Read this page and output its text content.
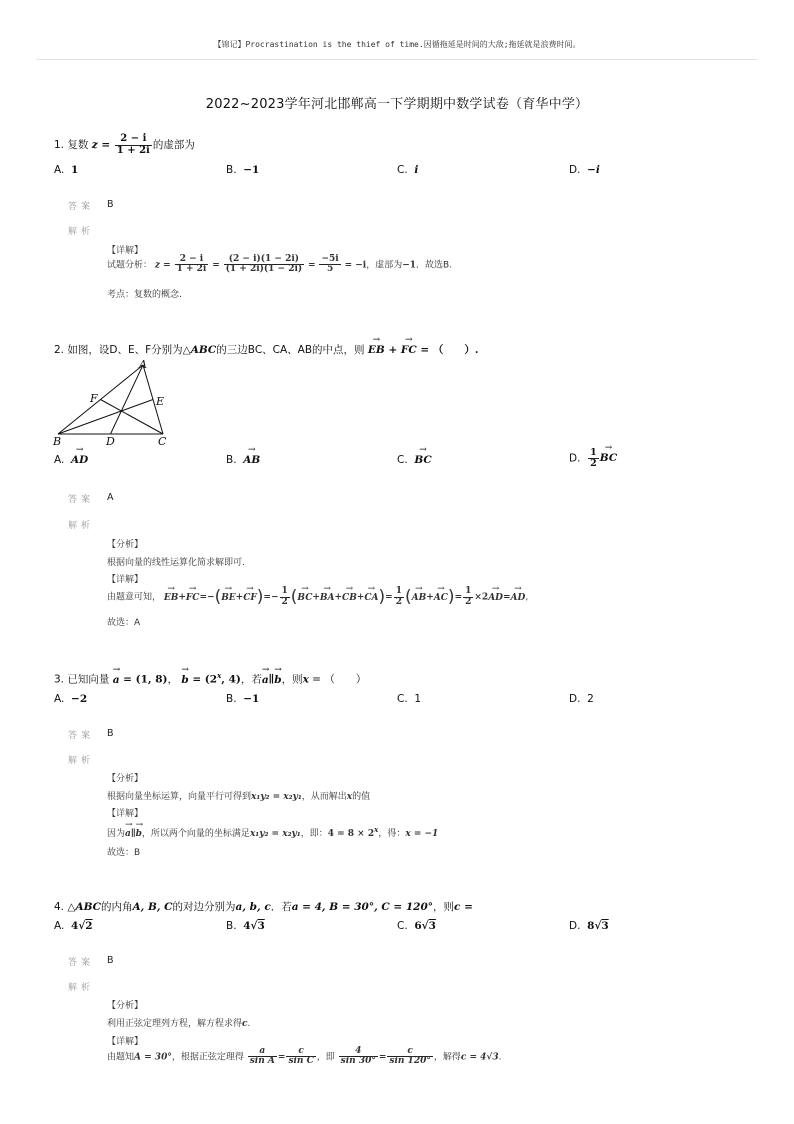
【锦记】Procrastination is the thief of time.因循拖延是时间的大敌;拖延就是浪费时间。
2022~2023学年河北邯郸高一下学期期中数学试卷（育华中学）
1. 复数 $z = \frac{2 - i}{1 + 2i}$ 的虚部为
A. 1	B. −1	C. i	D. −i
答案 B
解析
【详解】
试题分析： $z = \frac{2 - i}{1 + 2i} = \frac{(2 - i)(1 - 2i)}{(1 + 2i)(1 - 2i)} = \frac{-5i}{5} = -i$，虚部为−1．故选B.
考点：复数的概念.
2. 如图，设D、E、F分别为△ABC的三边BC、CA、AB的中点，则 → EB + → FC = （　　）.
A
B	C
D
E
F
A. → AD	B. → AB	C. → BC	D. $\frac{1}{2}$ → BC
答案 A
解析
【分析】
根据向量的线性运算化简求解即可.
【详解】
由题意可知， → $EB+\to FC=-(\to BE+\to CF)=- \frac{1}{2}$ (→ $BC+\to BA+\to CB+\to CA)= \frac{1}{2}$ (→ $AB+\to AC)= \frac{1}{2} \times 2\to AD=\to$ AD,
故选：A
3. 已知向量 → a = (1, 8)， → $b = (2^x$, 4)，若→ a∥→ b，则x = （　　）
A. −2	B. −1	C. 1	D. 2
答案 B
解析
【分析】
根据向量坐标运算，向量平行可得到x₁y₂ = x₂y₁，从而解出x的值
【详解】
因为→ a∥→ b，所以两个向量的坐标满足x₁y₂ = x₂y₁，即：$4 = 8 \times 2^x$，得：x = −1
故选：B
4. △ABC的内角A, B, C的对边分别为a, b, c．若a = 4, B = 30°, C = 120°，则c =
A. 4√2	B. 4√3	C. 6√3	D. 8√3
答案 B
解析
【分析】
利用正弦定理列方程，解方程求得c.
【详解】
由题知A = 30°，根据正弦定理得 $\frac{a}{\text{sin A}} = \frac{c}{\text{sin C}}$ ，即 $\frac{4}{\sin 30^\circ} = \frac{c}{\sin 120^\circ}$ ，解得c = 4√3.
